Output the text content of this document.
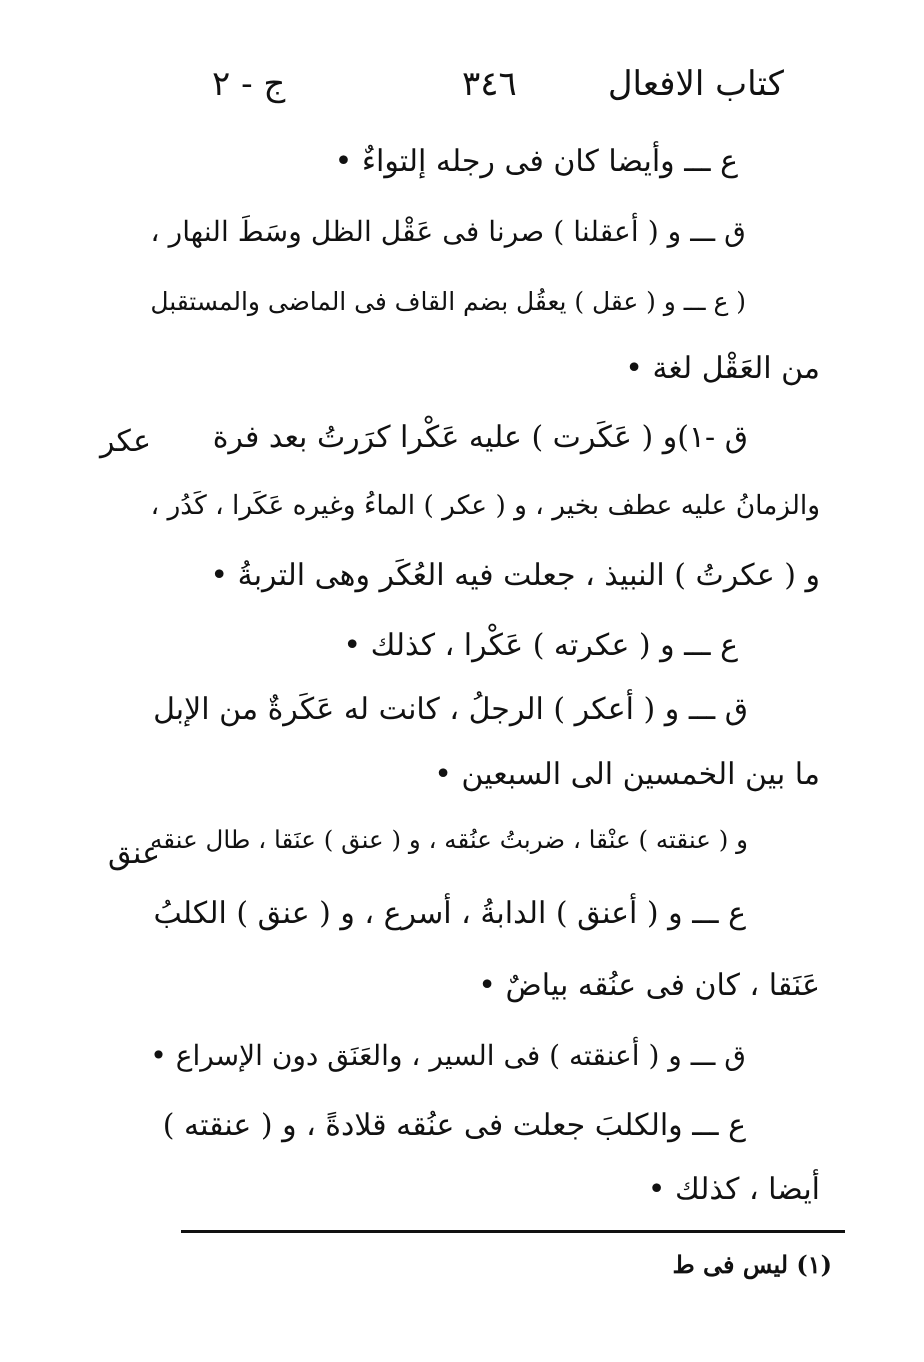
كتاب الافعال
٣٤٦
ج - ٢
ع ـــ وأيضا كان فى رجله إلتواءٌ •
ق ـــ و ( أعقلنا ) صرنا فى عَقْل الظل وسَطَ النهار ،
( ع ـــ و ( عقل ) يعقُل بضم القاف فى الماضى والمستقبل
من العَقْل لغة •
عكر ق -١)و ( عَكَرت ) عليه عَكْرا كرَرتُ بعد فرة
والزمانُ عليه عطف بخير ، و ( عكر ) الماءُ وغيره عَكَرا ، كَدُر ،
و ( عكرتُ ) النبيذ ، جعلت فيه العُكَر وهى التربةُ •
ع ـــ و ( عكرته ) عَكْرا ، كذلك •
ق ـــ و ( أعكر ) الرجلُ ، كانت له عَكَرةٌ من الإبل
ما بين الخمسين الى السبعين •
عنق
و ( عنقته ) عنْقا ، ضربتُ عنُقه ، و ( عنق ) عنَقا ، طال عنقه
ع ـــ و ( أعنق ) الدابةُ ، أسرع ، و ( عنق ) الكلبُ
عَنَقا ، كان فى عنُقه بياضٌ •
ق ـــ و ( أعنقته ) فى السير ، والعَنَق دون الإسراع •
ع ـــ والكلبَ جعلت فى عنُقه قلادةً ، و ( عنقته )
أيضا ، كذلك •
(١) ليس فى ط
